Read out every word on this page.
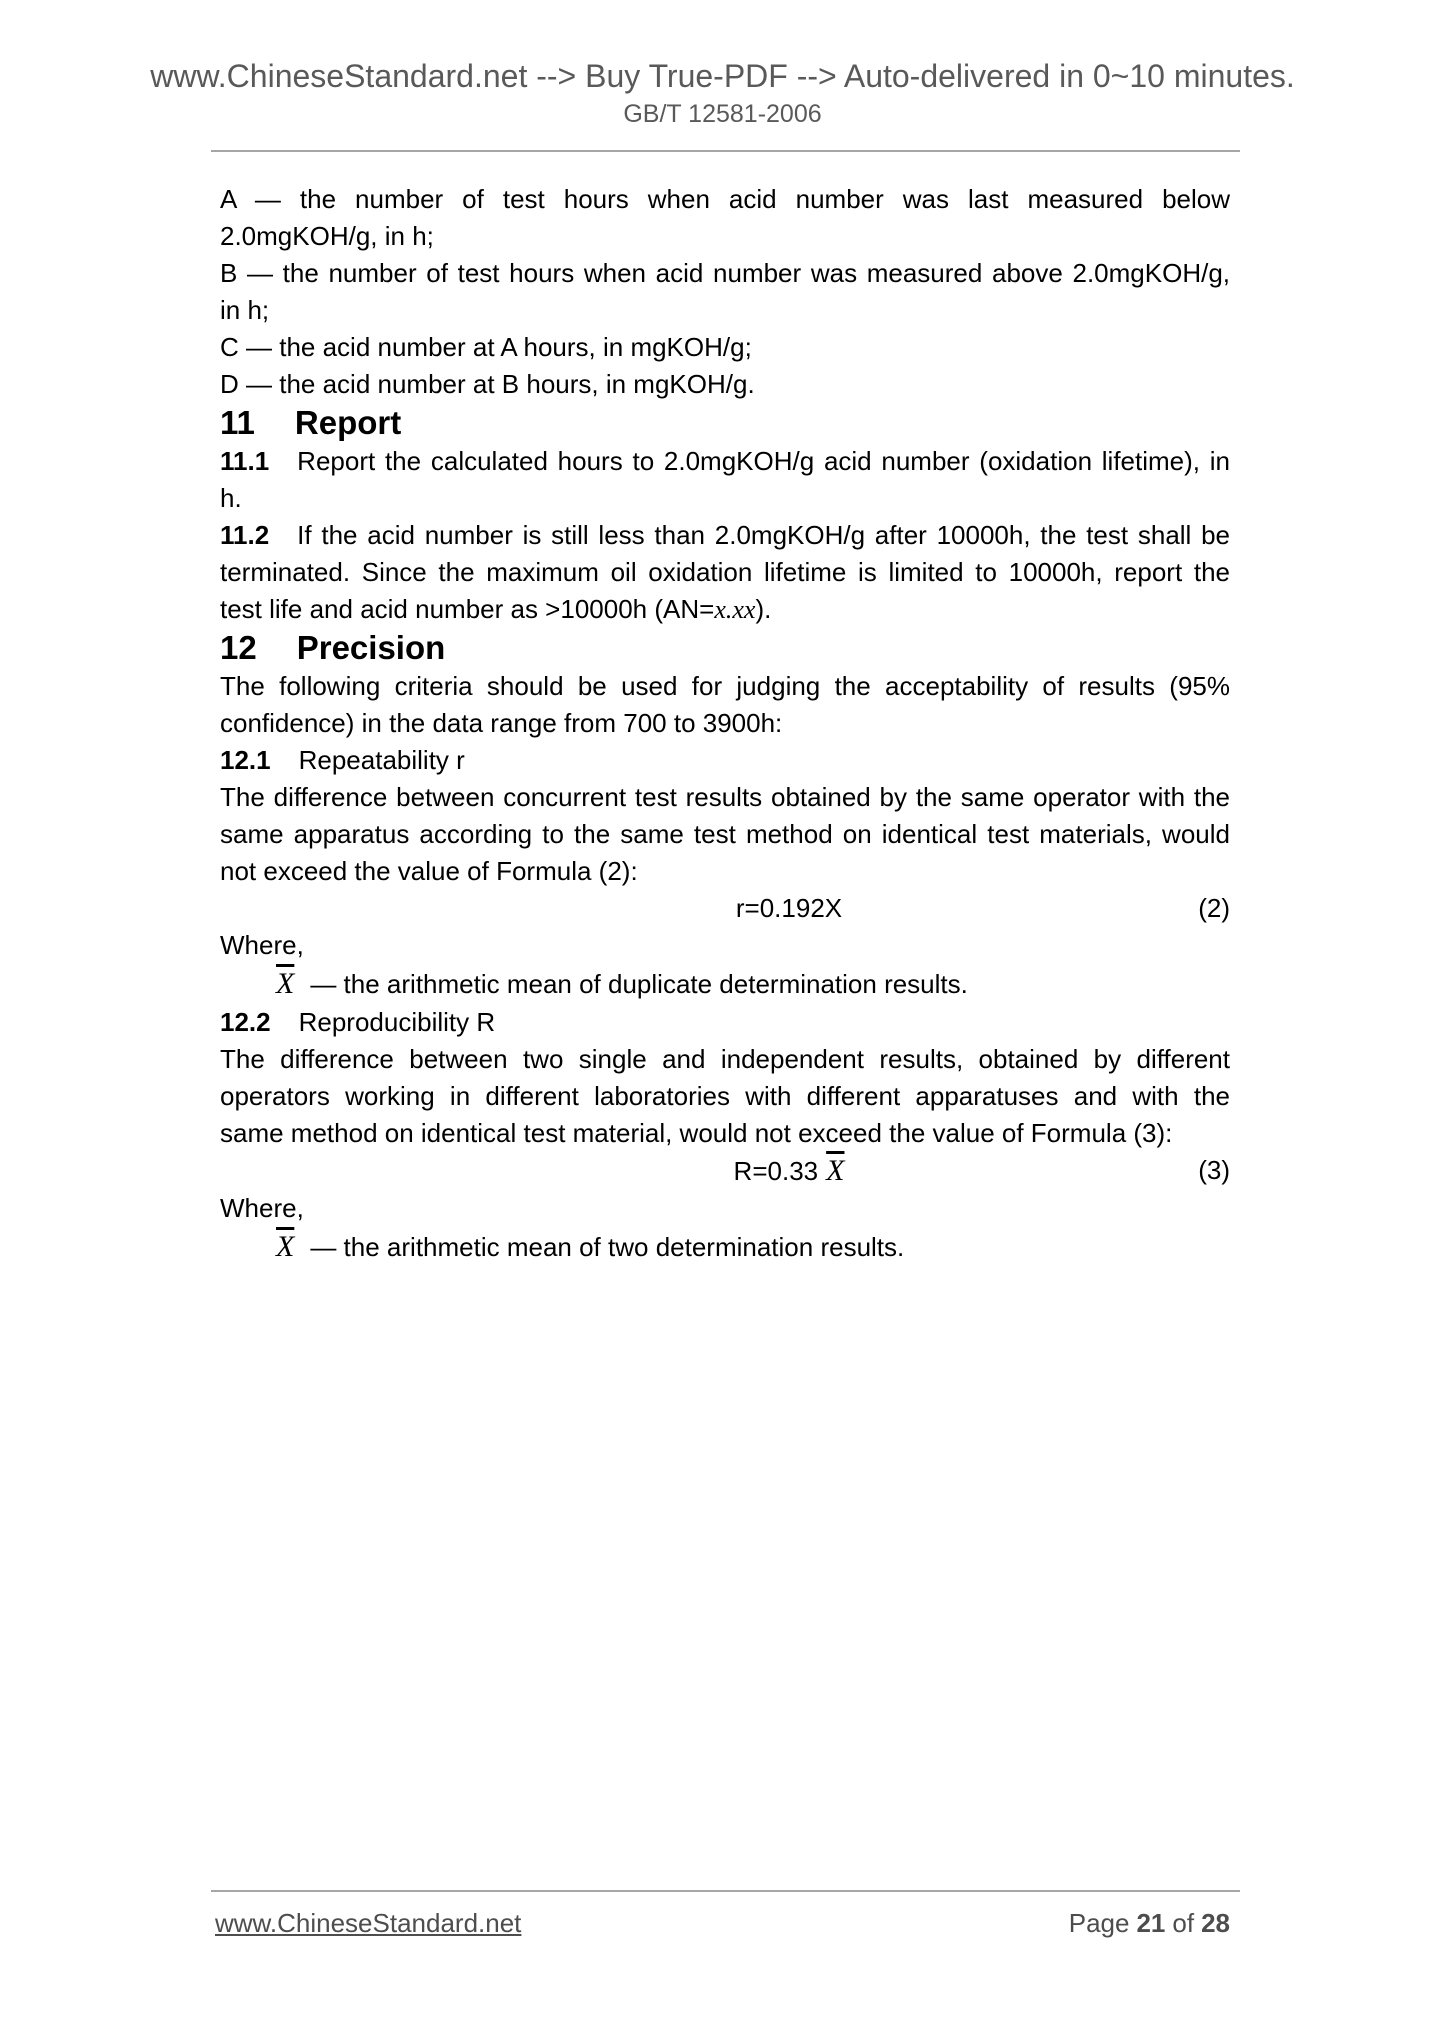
www.ChineseStandard.net --> Buy True-PDF --> Auto-delivered in 0~10 minutes.
GB/T 12581-2006
A — the number of test hours when acid number was last measured below
2.0mgKOH/g, in h;
B — the number of test hours when acid number was measured above 2.0mgKOH/g,
in h;
C — the acid number at A hours, in mgKOH/g;
D — the acid number at B hours, in mgKOH/g.
11 Report
11.1 Report the calculated hours to 2.0mgKOH/g acid number (oxidation lifetime), in
h.
11.2 If the acid number is still less than 2.0mgKOH/g after 10000h, the test shall be
terminated. Since the maximum oil oxidation lifetime is limited to 10000h, report the
test life and acid number as >10000h (AN=x.xx).
12 Precision
The following criteria should be used for judging the acceptability of results (95%
confidence) in the data range from 700 to 3900h:
12.1 Repeatability r
The difference between concurrent test results obtained by the same operator with the
same apparatus according to the same test method on identical test materials, would
not exceed the value of Formula (2):
r=0.192X	(2)
Where,
$\overline{X}$ — the arithmetic mean of duplicate determination results.
12.2 Reproducibility R
The difference between two single and independent results, obtained by different
operators working in different laboratories with different apparatuses and with the
same method on identical test material, would not exceed the value of Formula (3):
R=0.33 $\overline{X}$	(3)
Where,
$\overline{X}$ — the arithmetic mean of two determination results.
www.ChineseStandard.net	Page 21 of 28
